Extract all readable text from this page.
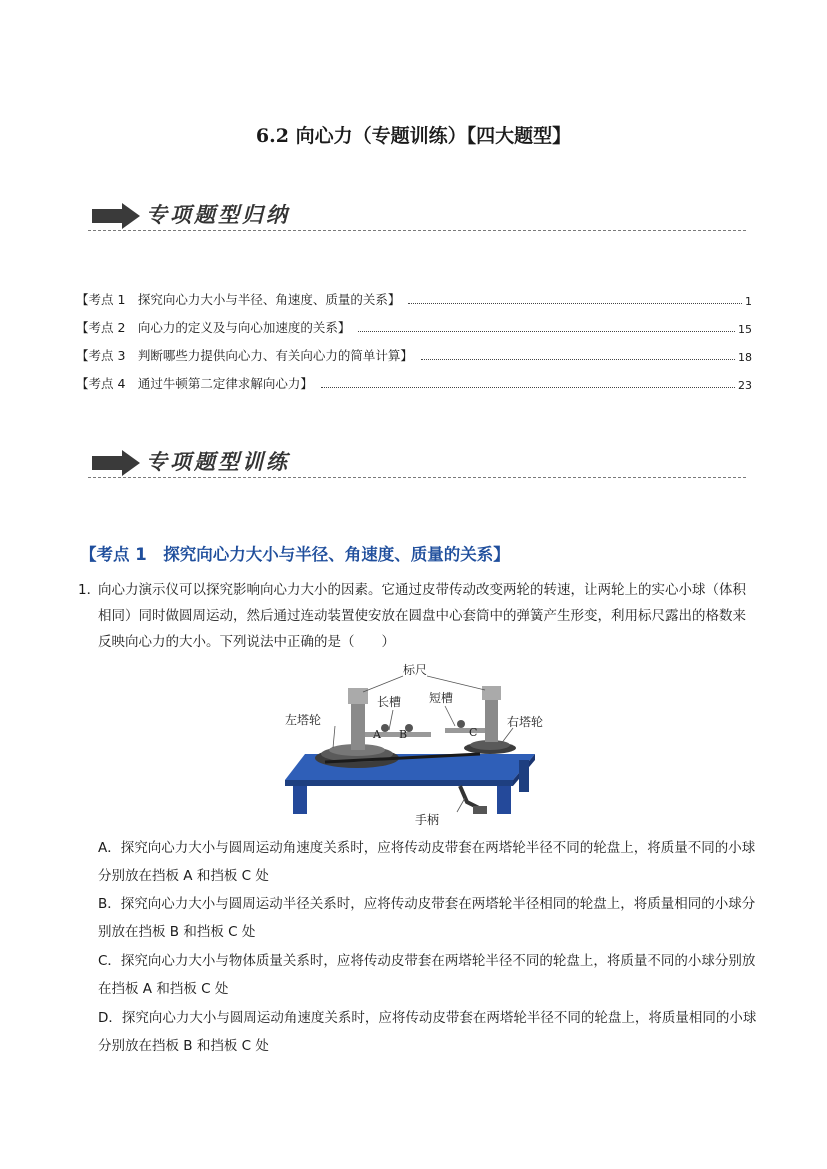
6.2 向心力（专题训练）【四大题型】
专项题型归纳
【考点 1　探究向心力大小与半径、角速度、质量的关系】	1
【考点 2　向心力的定义及与向心加速度的关系】	15
【考点 3　判断哪些力提供向心力、有关向心力的简单计算】	18
【考点 4　通过牛顿第二定律求解向心力】	23
专项题型训练
【考点 1　探究向心力大小与半径、角速度、质量的关系】
1．
向心力演示仪可以探究影响向心力大小的因素。它通过皮带传动改变两轮的转速，让两轮上的实心小球（体积相同）同时做圆周运动，然后通过连动装置使安放在圆盘中心套筒中的弹簧产生形变，利用标尺露出的格数来反映向心力的大小。下列说法中正确的是（　　）
标尺
长槽 短槽
左塔轮	右塔轮
手柄
A B	C
A．探究向心力大小与圆周运动角速度关系时，应将传动皮带套在两塔轮半径不同的轮盘上，将质量不同的小球分别放在挡板 A 和挡板 C 处
B．探究向心力大小与圆周运动半径关系时，应将传动皮带套在两塔轮半径相同的轮盘上，将质量相同的小球分别放在挡板 B 和挡板 C 处
C．探究向心力大小与物体质量关系时，应将传动皮带套在两塔轮半径不同的轮盘上，将质量不同的小球分别放在挡板 A 和挡板 C 处
D．探究向心力大小与圆周运动角速度关系时，应将传动皮带套在两塔轮半径不同的轮盘上，将质量相同的小球分别放在挡板 B 和挡板 C 处
